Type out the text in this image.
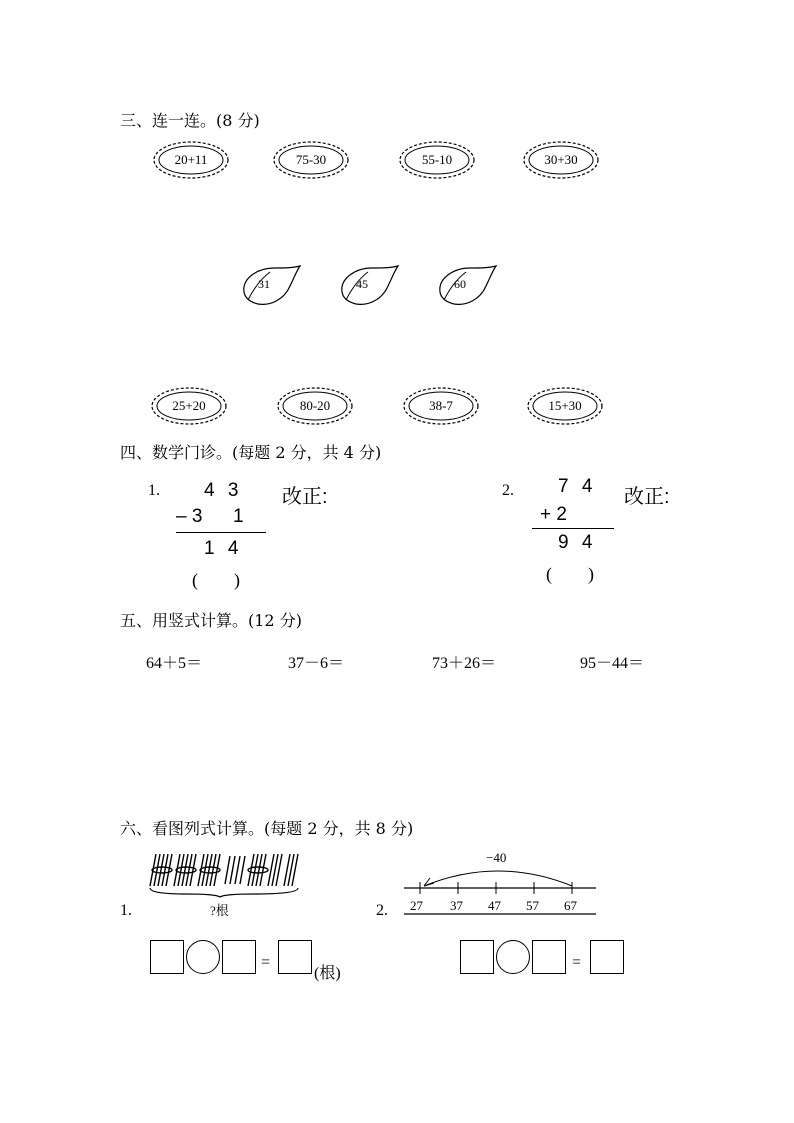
三、连一连。(8 分)
20+11	75-30	55-10	30+30
31	45	60
25+20	80-20	38-7	15+30
四、数学门诊。(每题 2 分，共 4 分)
1. 4 3
– 3 1
1 4
(　　)
改正:	2. 7 4
+ 2
9 4
(　　)
改正:
五、用竖式计算。(12 分)
64＋5＝	37－6＝	73＋26＝	95－44＝
六、看图列式计算。(每题 2 分，共 8 分)
1.	?根
=
(根)
2.
−40
27 37 47 57 67
=
